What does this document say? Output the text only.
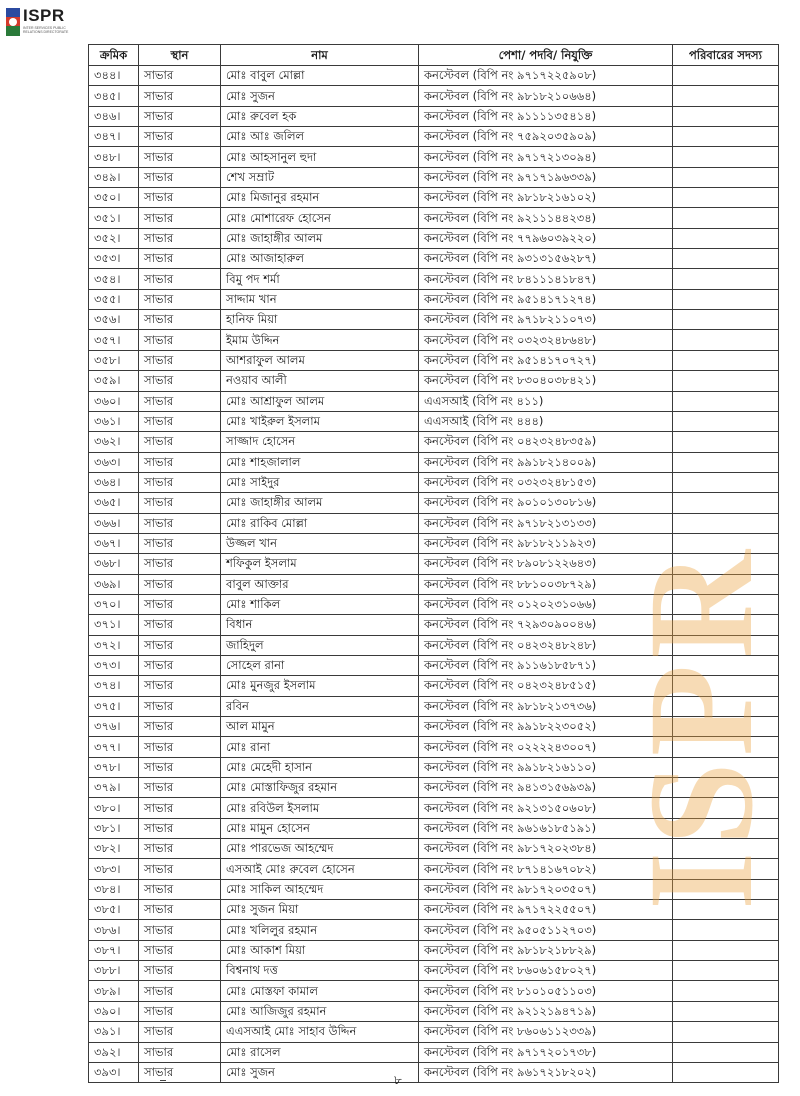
ISPR
INTER SERVICES PUBLIC RELATIONS DIRECTORATE
ক্রমিক	স্থান	নাম	পেশা/ পদবি/ নিযুক্তি	পরিবারের সদস্য
৩৪৪।	সাভার	মোঃ বাবুল মোল্লা	কনস্টেবল (বিপি নং ৯৭১৭২২৫৯০৮)	
৩৪৫।	সাভার	মোঃ সুজন	কনস্টেবল (বিপি নং ৯৮১৮২১০৬৬৪)	
৩৪৬।	সাভার	মোঃ রুবেল হক	কনস্টেবল (বিপি নং ৯১১১১৩৫৪১৪)	
৩৪৭।	সাভার	মোঃ আঃ জলিল	কনস্টেবল (বিপি নং ৭৫৯২০৩৫৯০৯)	
৩৪৮।	সাভার	মোঃ আহসানুল হুদা	কনস্টেবল (বিপি নং ৯৭১৭২১৩০৯৪)	
৩৪৯।	সাভার	শেখ সম্রাট	কনস্টেবল (বিপি নং ৯৭১৭১৯৬৩৩৯)	
৩৫০।	সাভার	মোঃ মিজানুর রহমান	কনস্টেবল (বিপি নং ৯৮১৮২১৬১০২)	
৩৫১।	সাভার	মোঃ মোশারেফ হোসেন	কনস্টেবল (বিপি নং ৯২১১১৪৪২৩৪)	
৩৫২।	সাভার	মোঃ জাহাঙ্গীর আলম	কনস্টেবল (বিপি নং ৭৭৯৬০৩৯২২০)	
৩৫৩।	সাভার	মোঃ আজাহারুল	কনস্টেবল (বিপি নং ৯৩১৩১৫৬২৮৭)	
৩৫৪।	সাভার	বিমু পদ শর্মা	কনস্টেবল (বিপি নং ৮৪১১১৪১৮৪৭)	
৩৫৫।	সাভার	সাদ্দাম খান	কনস্টেবল (বিপি নং ৯৫১৪১৭১২৭৪)	
৩৫৬।	সাভার	হানিফ মিয়া	কনস্টেবল (বিপি নং ৯৭১৮২১১০৭৩)	
৩৫৭।	সাভার	ইমাম উদ্দিন	কনস্টেবল (বিপি নং ০৩২৩২৪৮৬৪৮)	
৩৫৮।	সাভার	আশরাফুল আলম	কনস্টেবল (বিপি নং ৯৫১৪১৭০৭২৭)	
৩৫৯।	সাভার	নওয়াব আলী	কনস্টেবল (বিপি নং ৮৩০৪০৩৮৪২১)	
৩৬০।	সাভার	মোঃ আশ্রাফুল আলম	এএসআই (বিপি নং ৪১১)	
৩৬১।	সাভার	মোঃ খাইরুল ইসলাম	এএসআই (বিপি নং ৪৪৪)	
৩৬২।	সাভার	সাজ্জাদ হোসেন	কনস্টেবল (বিপি নং ০৪২৩২৪৮৩৫৯)	
৩৬৩।	সাভার	মোঃ শাহজালাল	কনস্টেবল (বিপি নং ৯৯১৮২১৪০০৯)	
৩৬৪।	সাভার	মোঃ সাইদুর	কনস্টেবল (বিপি নং ০৩২৩২৪৮১৫৩)	
৩৬৫।	সাভার	মোঃ জাহাঙ্গীর আলম	কনস্টেবল (বিপি নং ৯০১০১৩০৮১৬)	
৩৬৬।	সাভার	মোঃ রাকিব মোল্লা	কনস্টেবল (বিপি নং ৯৭১৮২১৩১৩৩)	
৩৬৭।	সাভার	উজ্জল খান	কনস্টেবল (বিপি নং ৯৮১৮২১১৯২৩)	
৩৬৮।	সাভার	শফিকুল ইসলাম	কনস্টেবল (বিপি নং ৮৯০৮১২২৬৪৩)	
৩৬৯।	সাভার	বাবুল আক্তার	কনস্টেবল (বিপি নং ৮৮১০০৩৮৭২৯)	
৩৭০।	সাভার	মোঃ শাকিল	কনস্টেবল (বিপি নং ০১২০২৩১০৬৬)	
৩৭১।	সাভার	বিধান	কনস্টেবল (বিপি নং ৭২৯৩০৯০০৪৬)	
৩৭২।	সাভার	জাহিদুল	কনস্টেবল (বিপি নং ০৪২৩২৪৮২৪৮)	
৩৭৩।	সাভার	সোহেল রানা	কনস্টেবল (বিপি নং ৯১১৬১৮৫৮৭১)	
৩৭৪।	সাভার	মোঃ মুনজুর ইসলাম	কনস্টেবল (বিপি নং ০৪২৩২৪৮৫১৫)	
৩৭৫।	সাভার	রবিন	কনস্টেবল (বিপি নং ৯৮১৮২১৩৭৩৬)	
৩৭৬।	সাভার	আল মামুন	কনস্টেবল (বিপি নং ৯৯১৮২২৩০৫২)	
৩৭৭।	সাভার	মোঃ রানা	কনস্টেবল (বিপি নং ০২২২২৪৩০০৭)	
৩৭৮।	সাভার	মোঃ মেহেদী হাসান	কনস্টেবল (বিপি নং ৯৯১৮২১৬১১০)	
৩৭৯।	সাভার	মোঃ মোস্তাফিজুর রহমান	কনস্টেবল (বিপি নং ৯৪১৩১৫৬৯৩৯)	
৩৮০।	সাভার	মোঃ রবিউল ইসলাম	কনস্টেবল (বিপি নং ৯২১৩১৫০৬০৮)	
৩৮১।	সাভার	মোঃ মামুন হোসেন	কনস্টেবল (বিপি নং ৯৬১৬১৮৫১৯১)	
৩৮২।	সাভার	মোঃ পারভেজ আহম্মেদ	কনস্টেবল (বিপি নং ৯৮১৭২০২৩৮৪)	
৩৮৩।	সাভার	এসআই মোঃ রুবেল হোসেন	কনস্টেবল (বিপি নং ৮৭১৪১৬৭০৮২)	
৩৮৪।	সাভার	মোঃ সাকিল আহম্মেদ	কনস্টেবল (বিপি নং ৯৮১৭২০৩৫০৭)	
৩৮৫।	সাভার	মোঃ সুজন মিয়া	কনস্টেবল (বিপি নং ৯৭১৭২২৫৫০৭)	
৩৮৬।	সাভার	মোঃ খলিলুর রহমান	কনস্টেবল (বিপি নং ৯৫০৫১১২৭০৩)	
৩৮৭।	সাভার	মোঃ আকাশ মিয়া	কনস্টেবল (বিপি নং ৯৮১৮২১৮৮২৯)	
৩৮৮।	সাভার	বিশ্বনাথ দত্ত	কনস্টেবল (বিপি নং ৮৬০৬১৫৮০২৭)	
৩৮৯।	সাভার	মোঃ মোস্তফা কামাল	কনস্টেবল (বিপি নং ৮১০১০৫১১০৩)	
৩৯০।	সাভার	মোঃ আজিজুর রহমান	কনস্টেবল (বিপি নং ৯২১২১৯৪৭১৯)	
৩৯১।	সাভার	এএসআই মোঃ সাহাব উদ্দিন	কনস্টেবল (বিপি নং ৮৬০৬১১২৩৩৯)	
৩৯২।	সাভার	মোঃ রাসেল	কনস্টেবল (বিপি নং ৯৭১৭২০১৭৩৮)	
৩৯৩।	সাভার	মোঃ সুজন	কনস্টেবল (বিপি নং ৯৬১৭২১৮২০২)	
ISPR
৮
